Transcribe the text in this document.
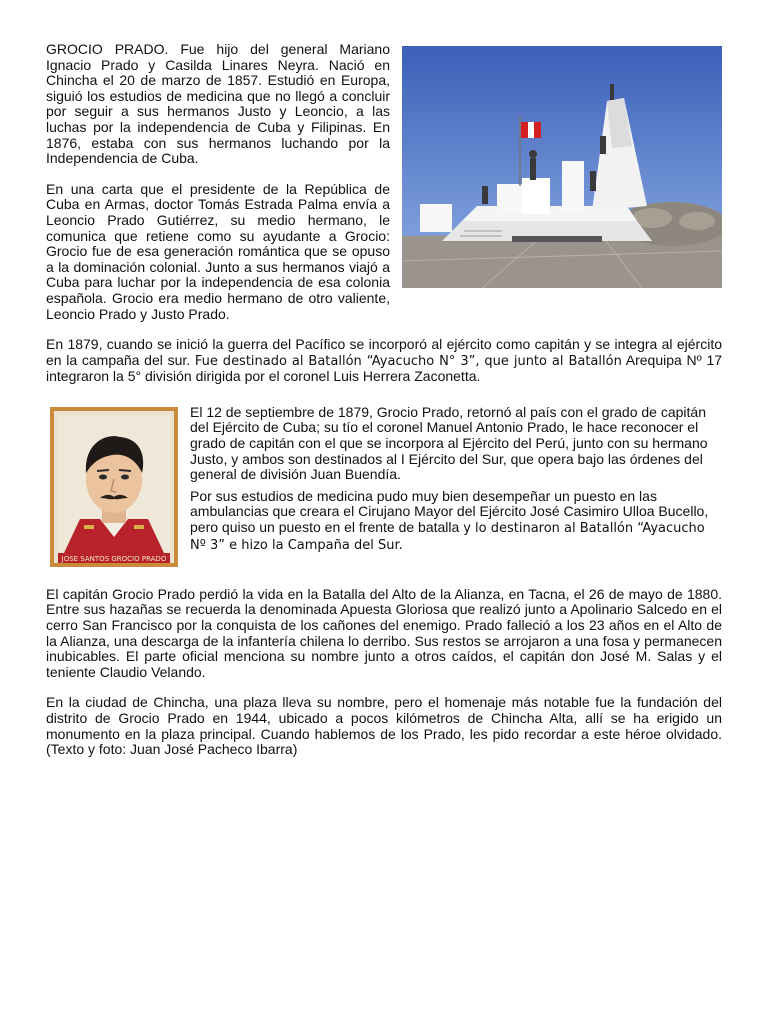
GROCIO PRADO. Fue hijo del general Mariano Ignacio Prado y Casilda Linares Neyra. Nació en Chincha el 20 de marzo de 1857. Estudió en Europa, siguió los estudios de medicina que no llegó a concluir por seguir a sus hermanos Justo y Leoncio, a las luchas por la independencia de Cuba y Filipinas. En 1876, estaba con sus hermanos luchando por la Independencia de Cuba.

En una carta que el presidente de la República de Cuba en Armas, doctor Tomás Estrada Palma envía a Leoncio Prado Gutiérrez, su medio hermano, le comunica que retiene como su ayudante a Grocio: Grocio fue de esa generación romántica que se opuso a la dominación colonial. Junto a sus hermanos viajó a Cuba para luchar por la independencia de esa colonia española. Grocio era medio hermano de otro valiente, Leoncio Prado y Justo Prado.

En 1879, cuando se inició la guerra del Pacífico se incorporó al ejército como capitán y se integra al ejército en la campaña del sur. Fue destinado al Batallón “Ayacucho N° 3”, que junto al Batallón Arequipa Nº 17 integraron la 5° división dirigida por el coronel Luis Herrera Zaconetta.

JOSE SANTOS GROCIO PRADO

El 12 de septiembre de 1879, Grocio Prado, retornó al país con el grado de capitán del Ejército de Cuba; su tío el coronel Manuel Antonio Prado, le hace reconocer el grado de capitán con el que se incorpora al Ejército del Perú, junto con su hermano Justo, y ambos son destinados al I Ejército del Sur, que opera bajo las órdenes del general de división Juan Buendía.

Por sus estudios de medicina pudo muy bien desempeñar un puesto en las ambulancias que creara el Cirujano Mayor del Ejército José Casimiro Ulloa Bucello, pero quiso un puesto en el frente de batalla y lo destinaron al Batallón “Ayacucho Nº 3” e hizo la Campaña del Sur.

El capitán Grocio Prado perdió la vida en la Batalla del Alto de la Alianza, en Tacna, el 26 de mayo de 1880. Entre sus hazañas se recuerda la denominada Apuesta Gloriosa que realizó junto a Apolinario Salcedo en el cerro San Francisco por la conquista de los cañones del enemigo. Prado falleció a los 23 años en el Alto de la Alianza, una descarga de la infantería chilena lo derribo. Sus restos se arrojaron a una fosa y permanecen inubicables. El parte oficial menciona su nombre junto a otros caídos, el capitán don José M. Salas y el teniente Claudio Velando.

En la ciudad de Chincha, una plaza lleva su nombre, pero el homenaje más notable fue la fundación del distrito de Grocio Prado en 1944, ubicado a pocos kilómetros de Chincha Alta, allí se ha erigido un monumento en la plaza principal. Cuando hablemos de los Prado, les pido recordar a este héroe olvidado. (Texto y foto: Juan José Pacheco Ibarra)
